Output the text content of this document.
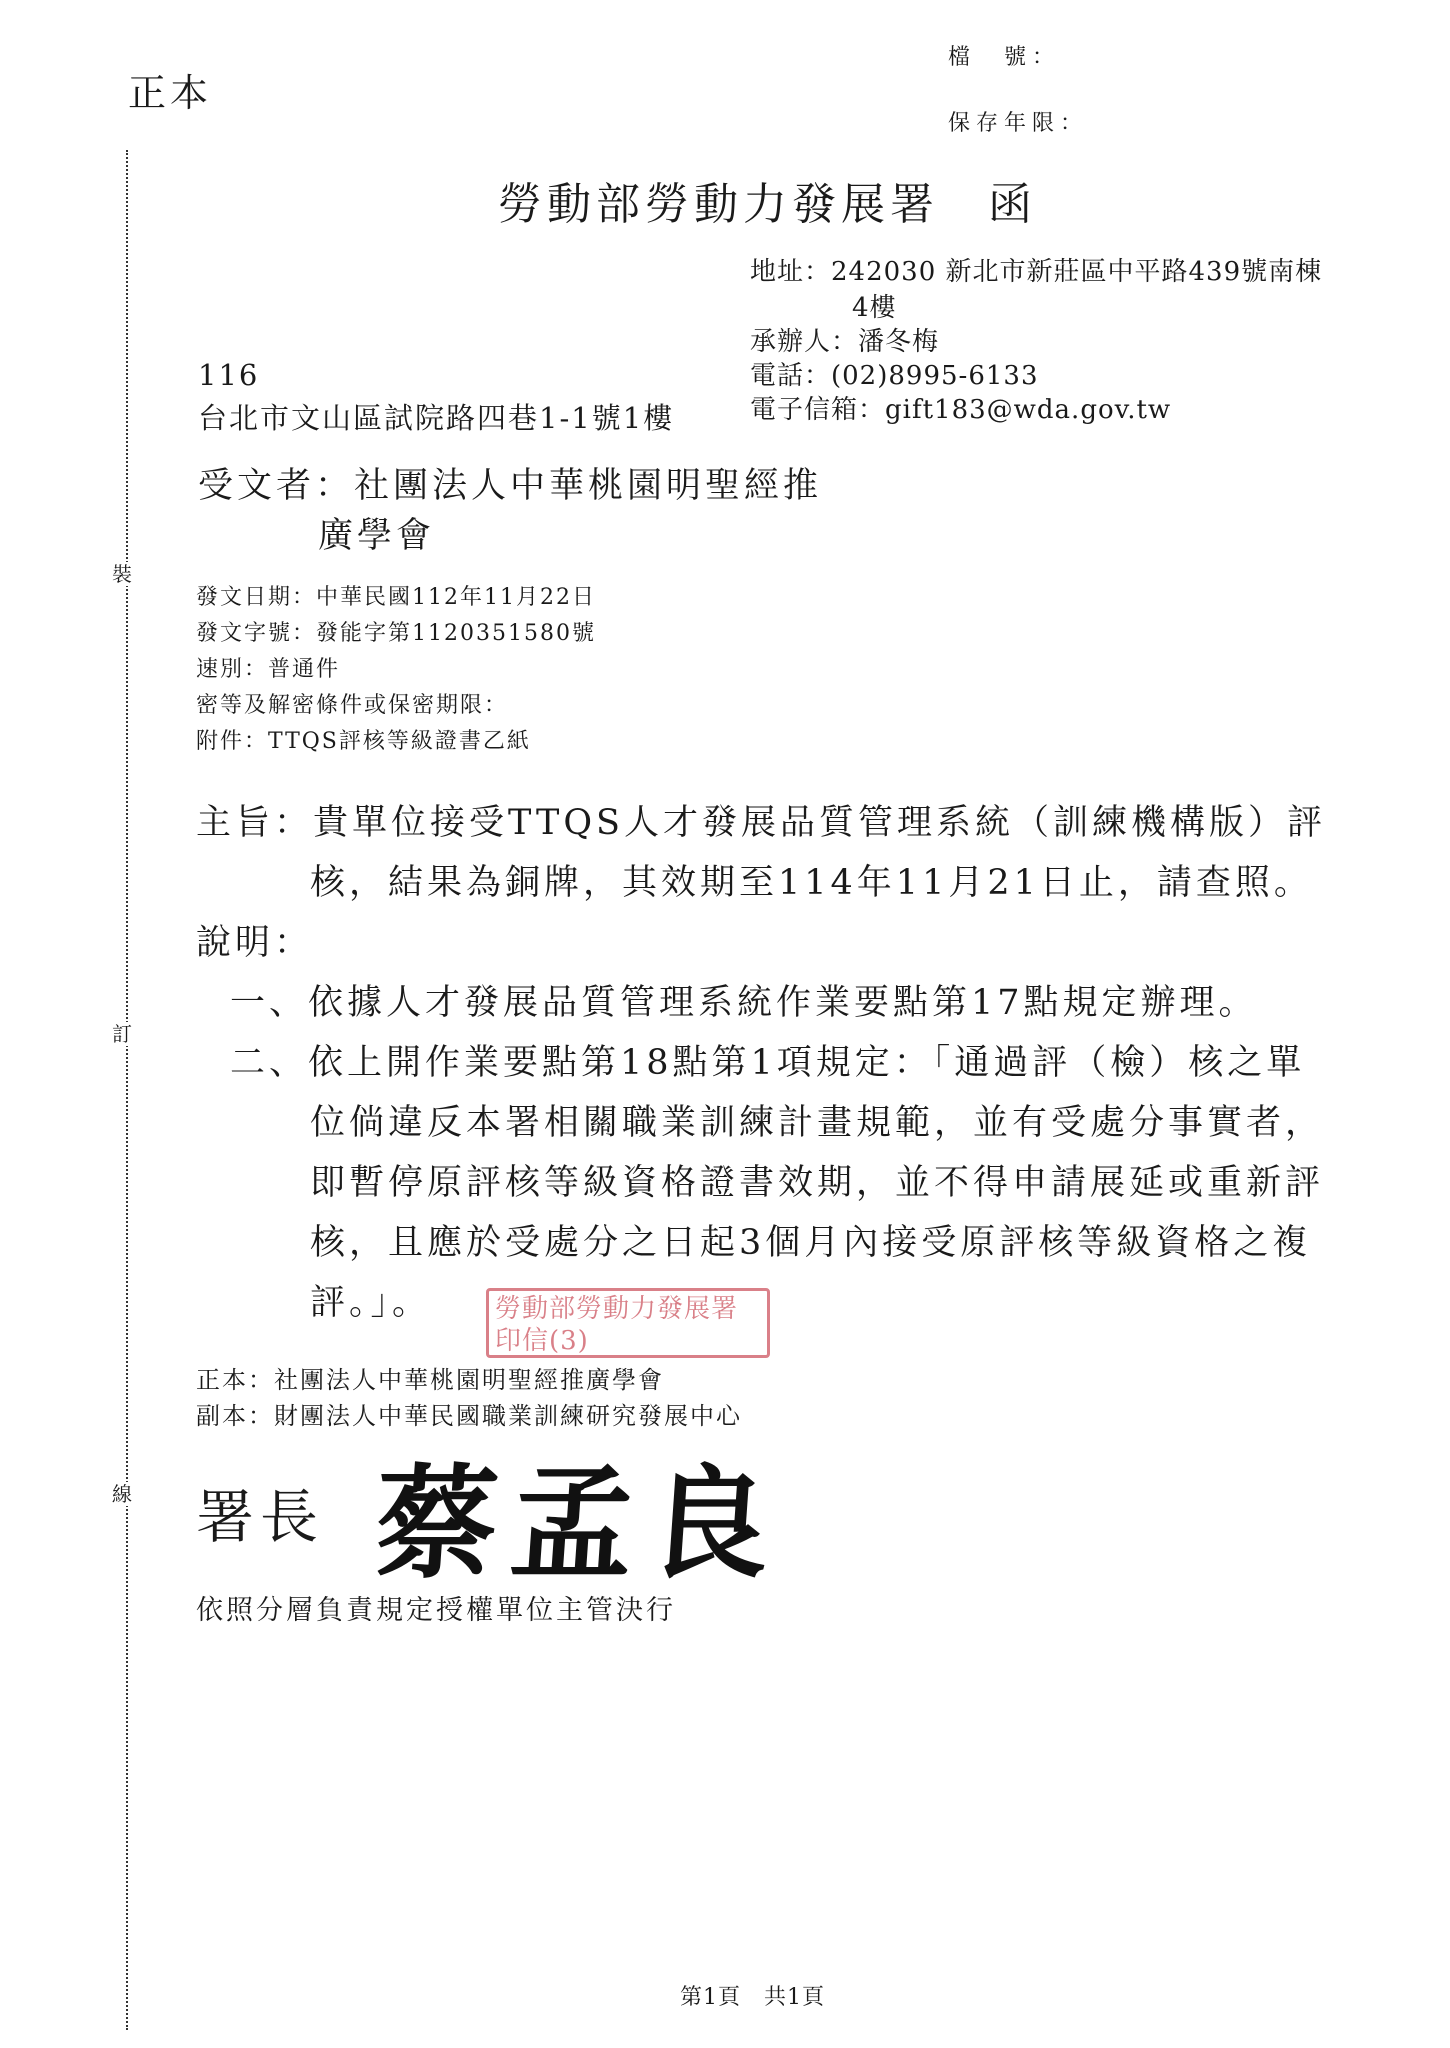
正本
檔　號：
保存年限：
裝
訂
線
勞動部勞動力發展署　函
地址：242030 新北市新莊區中平路439號南棟
4樓
承辦人：潘冬梅
電話：(02)8995-6133
電子信箱：gift183@wda.gov.tw
116
台北市文山區試院路四巷1-1號1樓
受文者：社團法人中華桃園明聖經推
廣學會
發文日期：中華民國112年11月22日
發文字號：發能字第1120351580號
速別：普通件
密等及解密條件或保密期限：
附件：TTQS評核等級證書乙紙
主旨：貴單位接受TTQS人才發展品質管理系統（訓練機構版）評
核，結果為銅牌，其效期至114年11月21日止，請查照。
說明：
一、依據人才發展品質管理系統作業要點第17點規定辦理。
二、依上開作業要點第18點第1項規定：「通過評（檢）核之單
位倘違反本署相關職業訓練計畫規範，並有受處分事實者，
即暫停原評核等級資格證書效期，並不得申請展延或重新評
核，且應於受處分之日起3個月內接受原評核等級資格之複
評。」。	勞動部勞動力發展署印信(3)
正本：社團法人中華桃園明聖經推廣學會
副本：財團法人中華民國職業訓練研究發展中心
署長 蔡孟良
依照分層負責規定授權單位主管決行
第1頁　共1頁
